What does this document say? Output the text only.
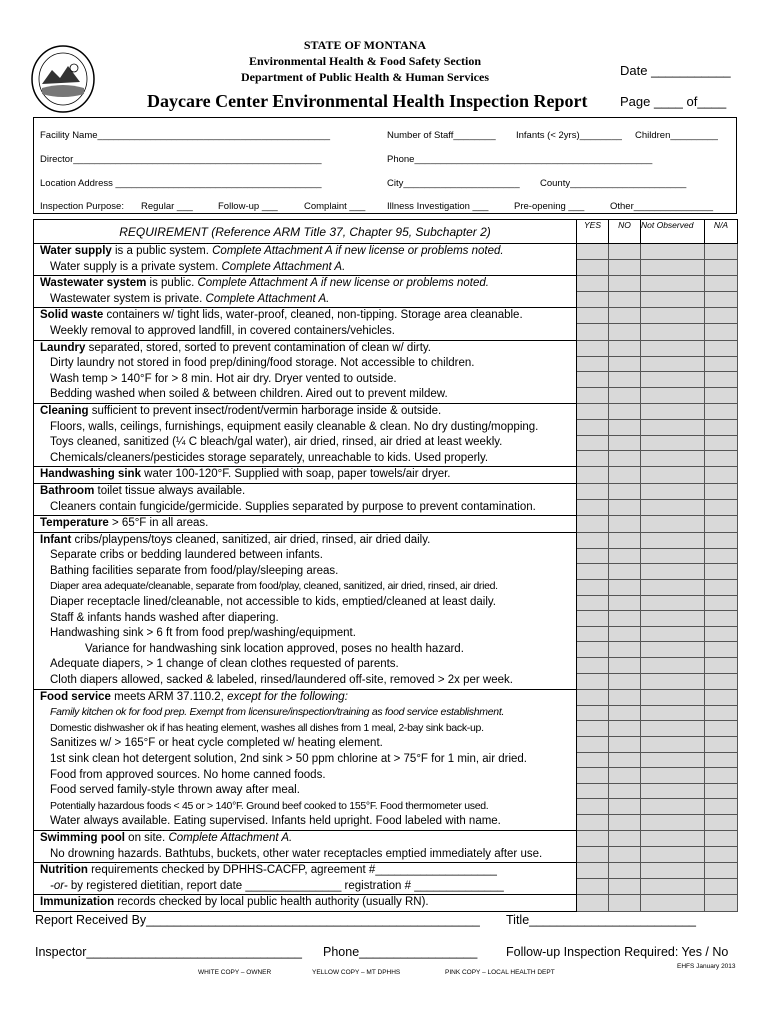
STATE OF MONTANA
Environmental Health & Food Safety Section
Department of Public Health & Human Services
Daycare Center Environmental Health Inspection Report
Date ___________
Page ____ of____
Facility Name____________________________________________	Number of Staff________ Infants (< 2yrs)________ Children_________
Director_______________________________________________	Phone_____________________________________________
Location Address _______________________________________	City______________________ County______________________
Inspection Purpose: Regular ___	Follow-up ___	Complaint ___ Illness Investigation ___	Pre-opening ___	Other_______________
REQUIREMENT (Reference ARM Title 37, Chapter 95, Subchapter 2)	YES	NO	Not Observed	N/A
Water supply is a public system. Complete Attachment A if new license or problems noted.				
Water supply is a private system. Complete Attachment A.				
Wastewater system is public. Complete Attachment A if new license or problems noted.				
Wastewater system is private. Complete Attachment A.				
Solid waste containers w/ tight lids, water-proof, cleaned, non-tipping. Storage area cleanable.				
Weekly removal to approved landfill, in covered containers/vehicles.				
Laundry separated, stored, sorted to prevent contamination of clean w/ dirty.				
Dirty laundry not stored in food prep/dining/food storage. Not accessible to children.				
Wash temp > 140°F for > 8 min. Hot air dry. Dryer vented to outside.				
Bedding washed when soiled & between children. Aired out to prevent mildew.				
Cleaning sufficient to prevent insect/rodent/vermin harborage inside & outside.				
Floors, walls, ceilings, furnishings, equipment easily cleanable & clean. No dry dusting/mopping.				
Toys cleaned, sanitized (¼ C bleach/gal water), air dried, rinsed, air dried at least weekly.				
Chemicals/cleaners/pesticides storage separately, unreachable to kids. Used properly.				
Handwashing sink water 100-120°F. Supplied with soap, paper towels/air dryer.				
Bathroom toilet tissue always available.				
Cleaners contain fungicide/germicide. Supplies separated by purpose to prevent contamination.				
Temperature > 65°F in all areas.				
Infant cribs/playpens/toys cleaned, sanitized, air dried, rinsed, air dried daily.				
Separate cribs or bedding laundered between infants.				
Bathing facilities separate from food/play/sleeping areas.				
Diaper area adequate/cleanable, separate from food/play, cleaned, sanitized, air dried, rinsed, air dried.				
Diaper receptacle lined/cleanable, not accessible to kids, emptied/cleaned at least daily.				
Staff & infants hands washed after diapering.				
Handwashing sink > 6 ft from food prep/washing/equipment.				
Variance for handwashing sink location approved, poses no health hazard.				
Adequate diapers, > 1 change of clean clothes requested of parents.				
Cloth diapers allowed, sacked & labeled, rinsed/laundered off-site, removed > 2x per week.				
Food service meets ARM 37.110.2, except for the following:				
Family kitchen ok for food prep. Exempt from licensure/inspection/training as food service establishment.				
Domestic dishwasher ok if has heating element, washes all dishes from 1 meal, 2-bay sink back-up.				
Sanitizes w/ > 165°F or heat cycle completed w/ heating element.				
1st sink clean hot detergent solution, 2nd sink > 50 ppm chlorine at > 75°F for 1 min, air dried.				
Food from approved sources. No home canned foods.				
Food served family-style thrown away after meal.				
Potentially hazardous foods < 45 or > 140°F. Ground beef cooked to 155°F. Food thermometer used.				
Water always available. Eating supervised. Infants held upright. Food labeled with name.				
Swimming pool on site. Complete Attachment A.				
No drowning hazards. Bathtubs, buckets, other water receptacles emptied immediately after use.				
Nutrition requirements checked by DPHHS-CACFP, agreement #___________________				
-or- by registered dietitian, report date _______________ registration # ______________				
Immunization records checked by local public health authority (usually RN).				
Report Received By________________________________________________ Title________________________
Inspector_______________________________ Phone_________________ Follow-up Inspection Required: Yes / No
EHFS January 2013
WHITE COPY – OWNER	YELLOW COPY – MT DPHHS	PINK COPY – LOCAL HEALTH DEPT
